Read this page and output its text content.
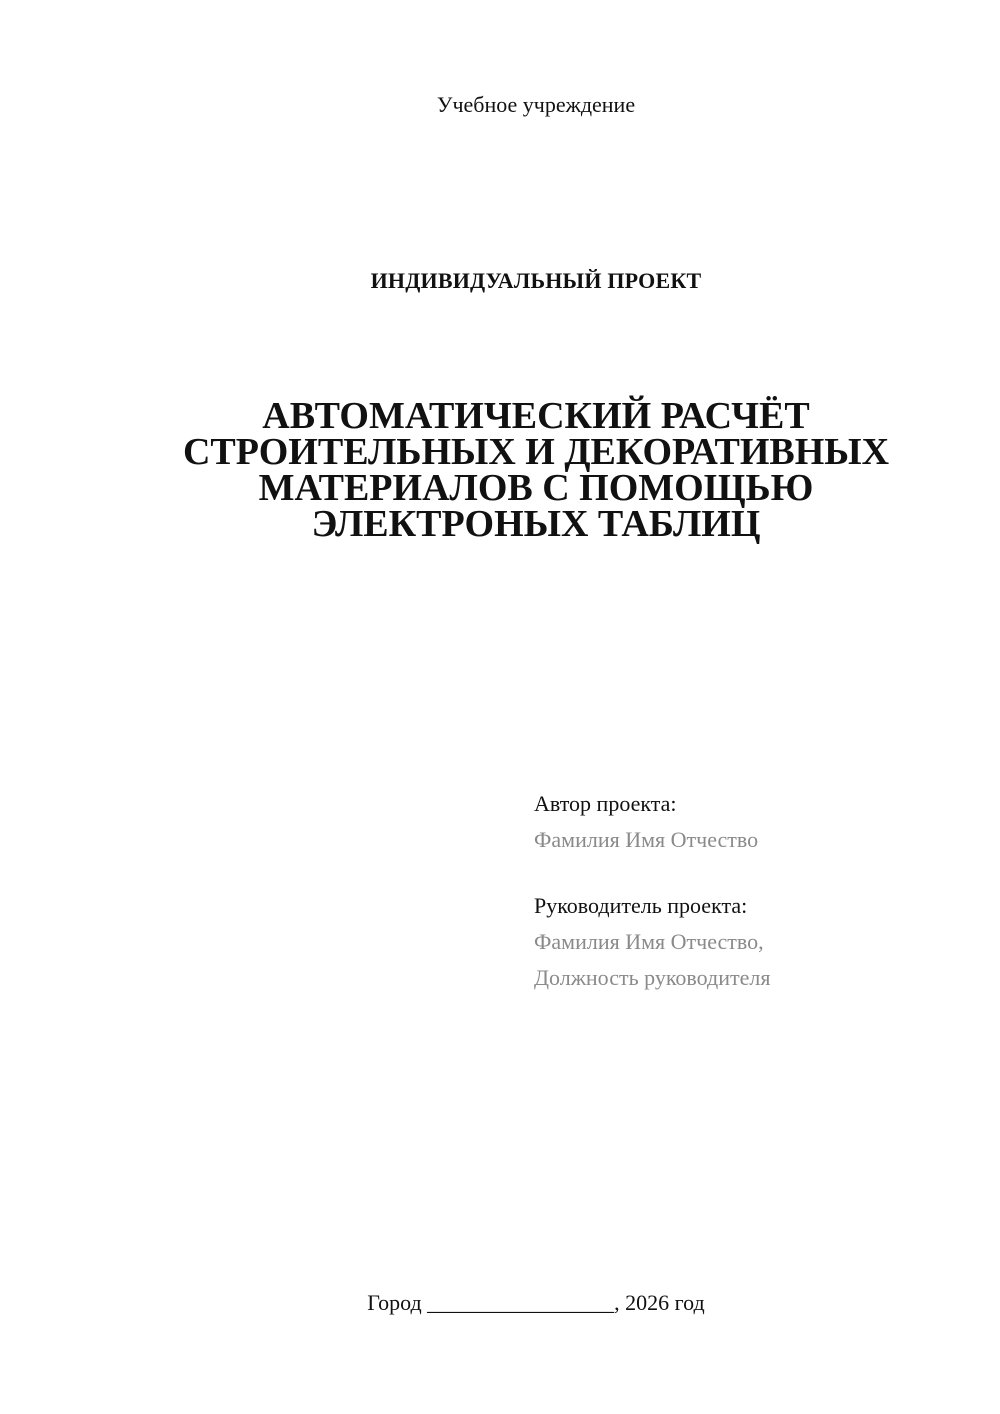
Учебное учреждение
ИНДИВИДУАЛЬНЫЙ ПРОЕКТ
АВТОМАТИЧЕСКИЙ РАСЧЁТ
СТРОИТЕЛЬНЫХ И ДЕКОРАТИВНЫХ
МАТЕРИАЛОВ С ПОМОЩЬЮ
ЭЛЕКТРОНЫХ ТАБЛИЦ
Автор проекта:
Фамилия Имя Отчество
Руководитель проекта:
Фамилия Имя Отчество,
Должность руководителя
Город _________________, 2026 год
